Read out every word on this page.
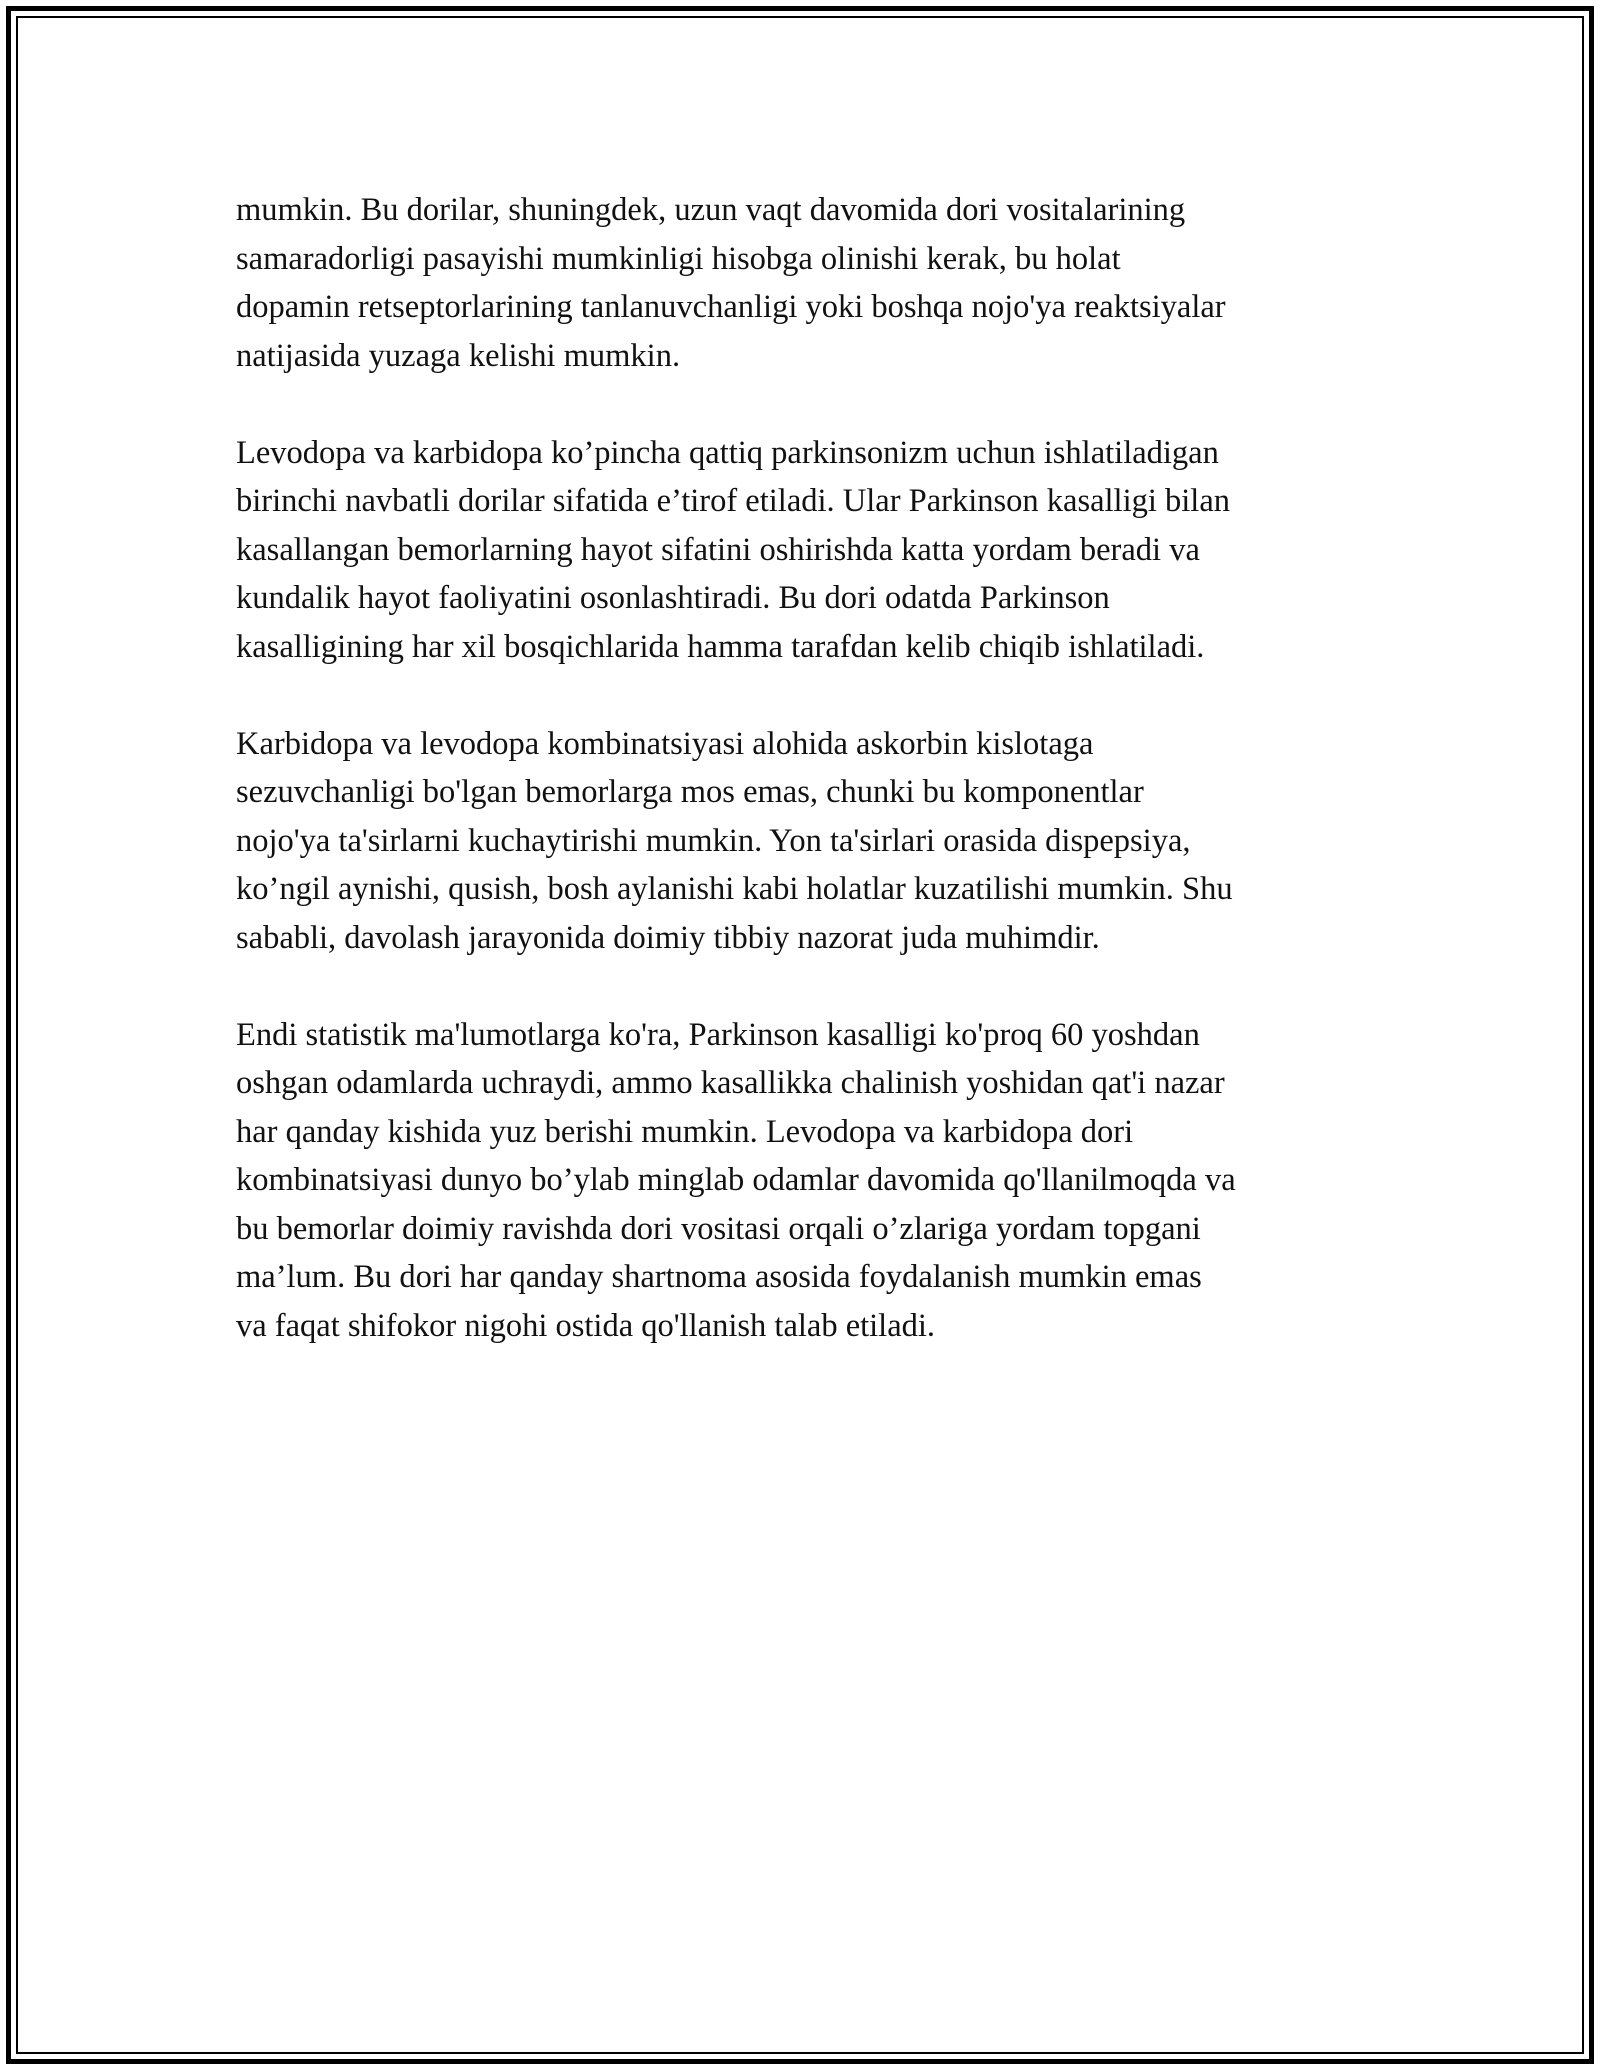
mumkin. Bu dorilar, shuningdek, uzun vaqt davomida dori vositalarining
samaradorligi pasayishi mumkinligi hisobga olinishi kerak, bu holat
dopamin retseptorlarining tanlanuvchanligi yoki boshqa nojo'ya reaktsiyalar
natijasida yuzaga kelishi mumkin.

Levodopa va karbidopa ko’pincha qattiq parkinsonizm uchun ishlatiladigan
birinchi navbatli dorilar sifatida e’tirof etiladi. Ular Parkinson kasalligi bilan
kasallangan bemorlarning hayot sifatini oshirishda katta yordam beradi va
kundalik hayot faoliyatini osonlashtiradi. Bu dori odatda Parkinson
kasalligining har xil bosqichlarida hamma tarafdan kelib chiqib ishlatiladi.

Karbidopa va levodopa kombinatsiyasi alohida askorbin kislotaga
sezuvchanligi bo'lgan bemorlarga mos emas, chunki bu komponentlar
nojo'ya ta'sirlarni kuchaytirishi mumkin. Yon ta'sirlari orasida dispepsiya,
ko’ngil aynishi, qusish, bosh aylanishi kabi holatlar kuzatilishi mumkin. Shu
sababli, davolash jarayonida doimiy tibbiy nazorat juda muhimdir.

Endi statistik ma'lumotlarga ko'ra, Parkinson kasalligi ko'proq 60 yoshdan
oshgan odamlarda uchraydi, ammo kasallikka chalinish yoshidan qat'i nazar
har qanday kishida yuz berishi mumkin. Levodopa va karbidopa dori
kombinatsiyasi dunyo bo’ylab minglab odamlar davomida qo'llanilmoqda va
bu bemorlar doimiy ravishda dori vositasi orqali o’zlariga yordam topgani
ma’lum. Bu dori har qanday shartnoma asosida foydalanish mumkin emas
va faqat shifokor nigohi ostida qo'llanish talab etiladi.
